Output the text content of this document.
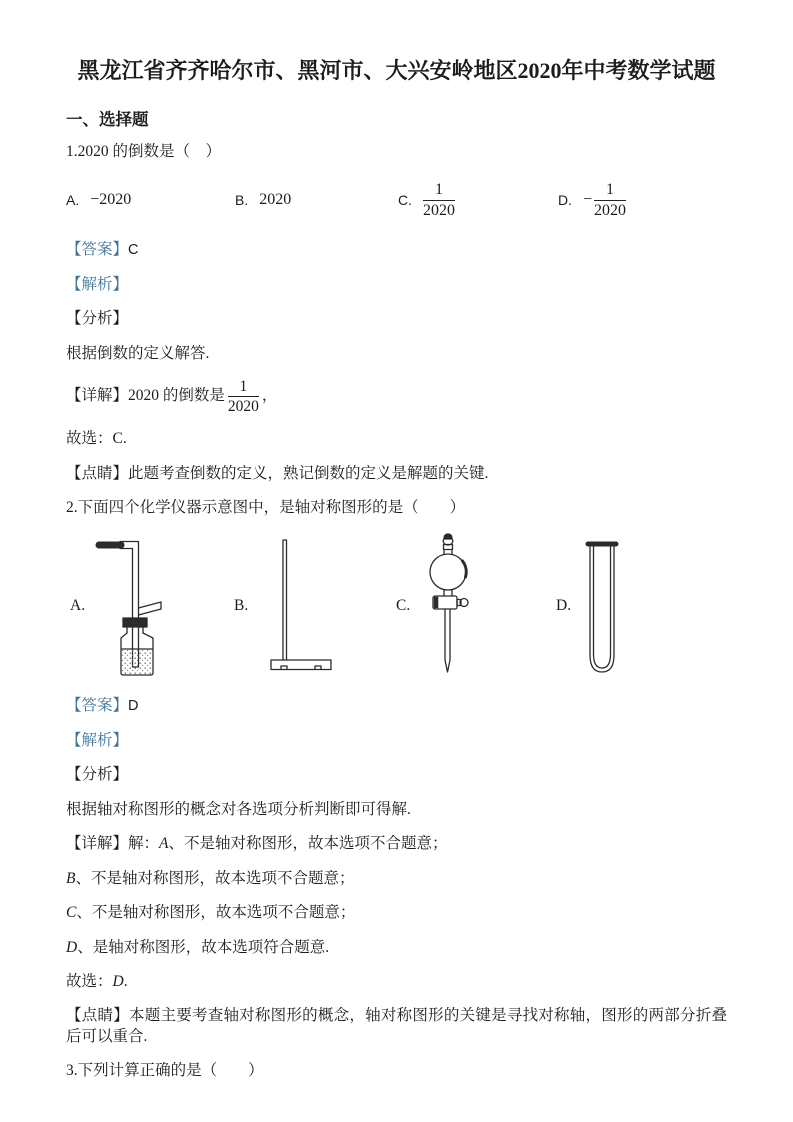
黑龙江省齐齐哈尔市、黑河市、大兴安岭地区2020年中考数学试题
一、选择题

1.2020 的倒数是（　）

A. −2020	B. 2020	C. $\frac{1}{2020}$	D. − $\frac{1}{2020}$

【答案】C

【解析】

【分析】

根据倒数的定义解答.

【详解】2020 的倒数是 $\frac{1}{2020}$ ，

故选：C.

【点睛】此题考查倒数的定义，熟记倒数的定义是解题的关键.

2.下面四个化学仪器示意图中，是轴对称图形的是（　　）

A.	B.	C.	D.

【答案】D

【解析】

【分析】

根据轴对称图形的概念对各选项分析判断即可得解.

【详解】解：A、不是轴对称图形，故本选项不合题意；

B、不是轴对称图形，故本选项不合题意；

C、不是轴对称图形，故本选项不合题意；

D、是轴对称图形，故本选项符合题意.

故选：D.

【点睛】本题主要考查轴对称图形的概念，轴对称图形的关键是寻找对称轴，图形的两部分折叠后可以重合.

3.下列计算正确的是（　　）
